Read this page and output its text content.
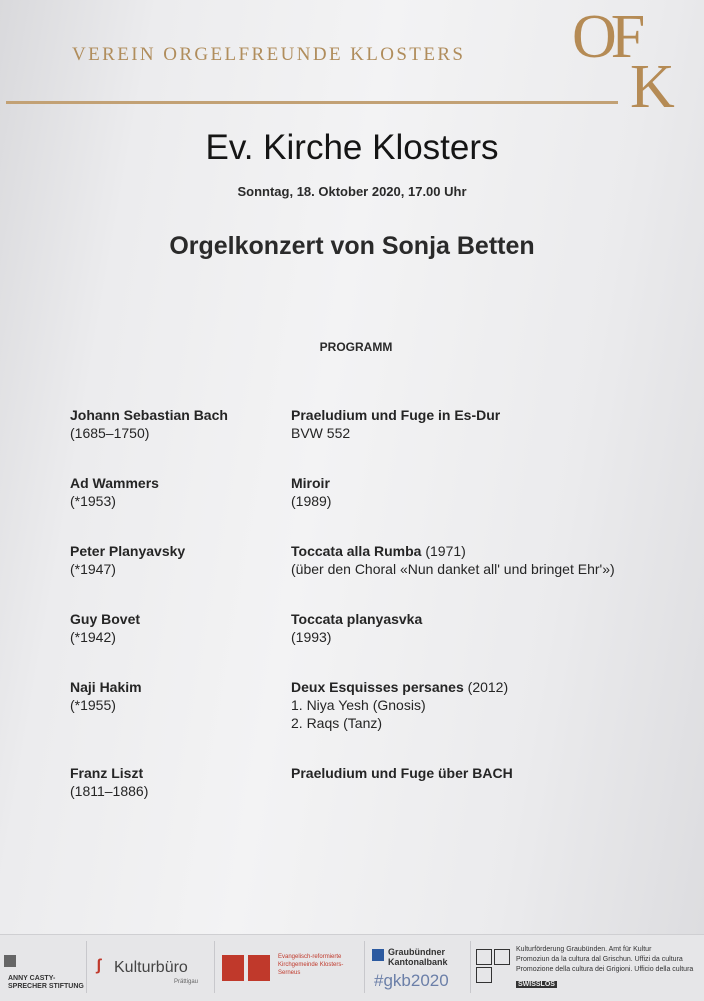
VEREIN ORGELFREUNDE KLOSTERS OF
K
Ev. Kirche Klosters
Sonntag, 18. Oktober 2020, 17.00 Uhr
Orgelkonzert von Sonja Betten
PROGRAMM
Johann Sebastian Bach
(1685–1750)
Praeludium und Fuge in Es-Dur
BVW 552
Ad Wammers
(*1953)
Miroir
(1989)
Peter Planyavsky
(*1947)
Toccata alla Rumba (1971)
(über den Choral «Nun danket all' und bringet Ehr'»)
Guy Bovet
(*1942)
Toccata planyasvka
(1993)
Naji Hakim
(*1955)
Deux Esquisses persanes (2012)
1. Niya Yesh (Gnosis)
2. Raqs (Tanz)
Franz Liszt
(1811–1886)
Praeludium und Fuge über BACH
ANNY CASTY-SPRECHER STIFTUNG
ʃ Kulturbüro
Prättigau
Evangelisch-reformierte Kirchgemeinde Klosters-Serneus
Graubündner Kantonalbank
#gkb2020
Kulturförderung Graubünden. Amt für Kultur
Promoziun da la cultura dal Grischun. Uffizi da cultura
Promozione della cultura dei Grigioni. Ufficio della cultura
SWISSLOS
